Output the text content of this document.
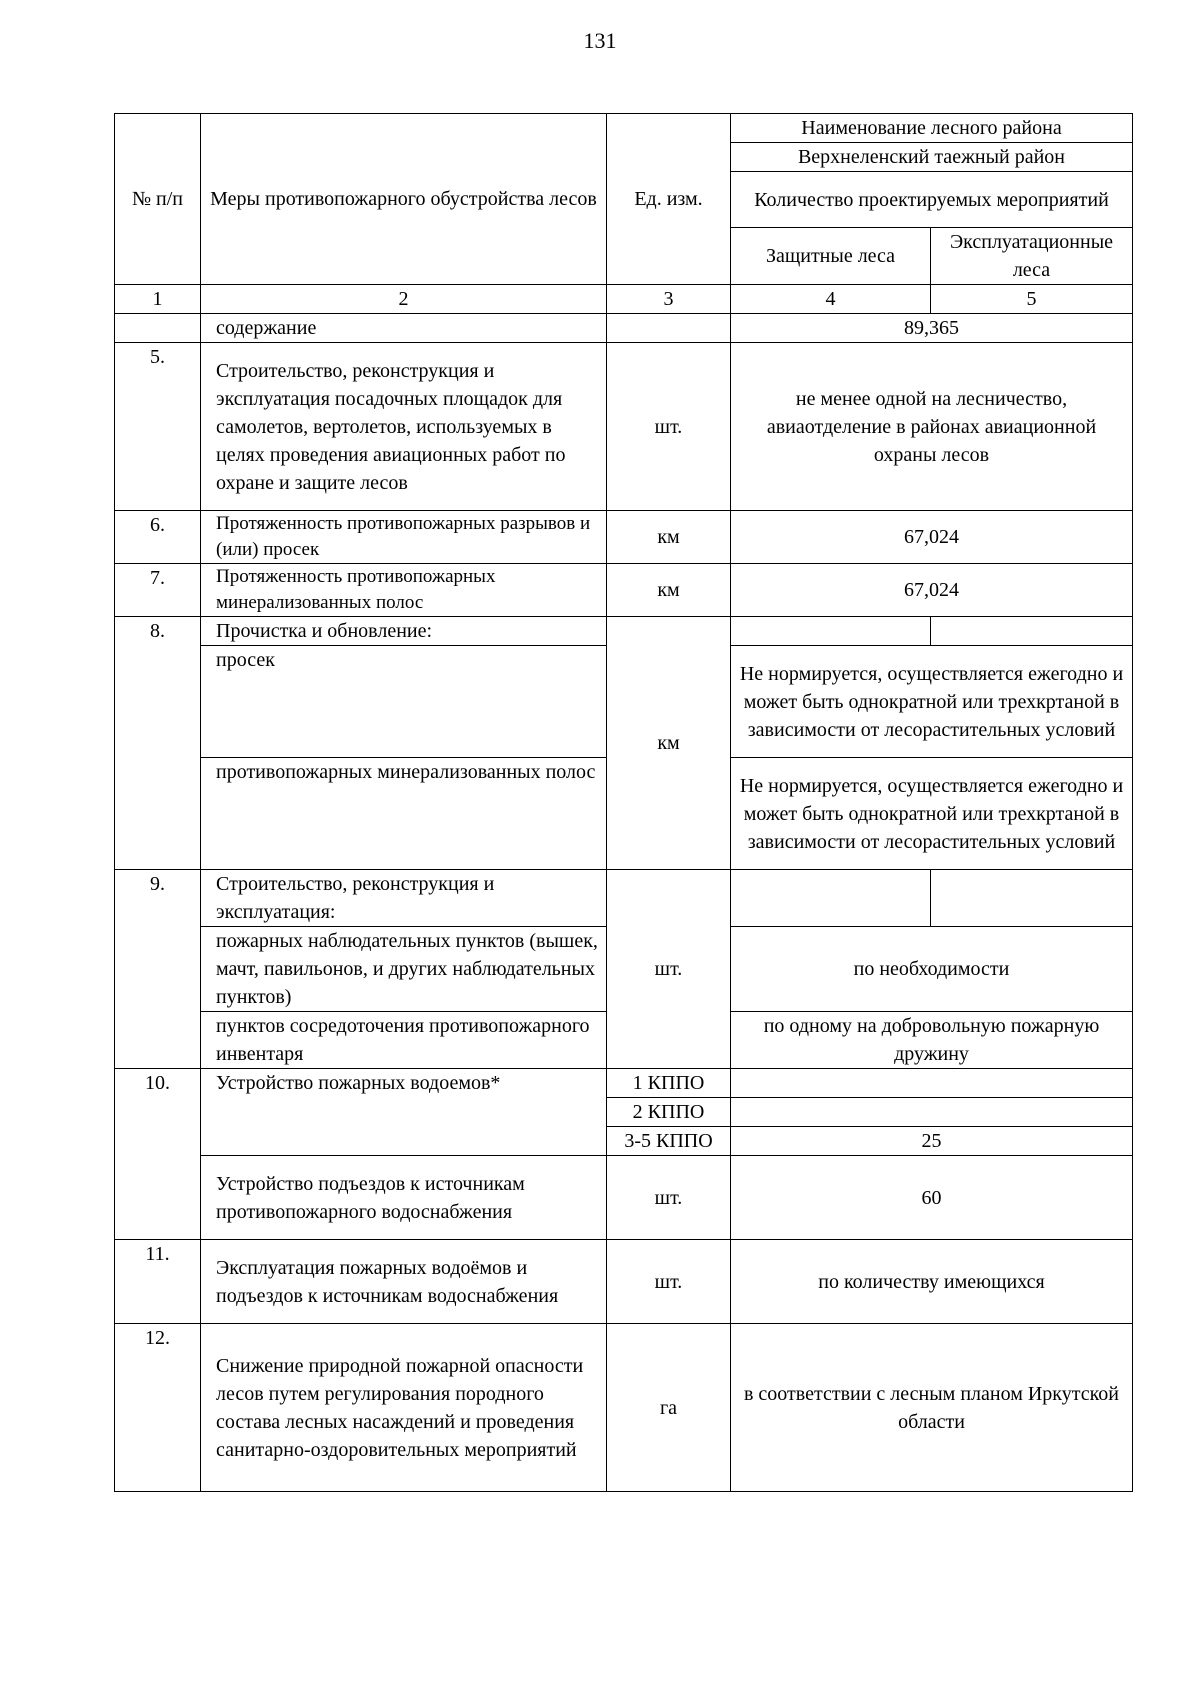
131
№ п/п	Меры противопожарного обустройства лесов	Ед. изм.	Наименование лесного района	
			Верхнеленский таежный район	
			Количество проектируемых мероприятий	

			Защитные леса	Эксплуатационные леса
1	2	3	4	5
	содержание		89,365	
5.	Строительство, реконструкция и эксплуатация посадочных площадок для самолетов, вертолетов, используемых в целях проведения авиационных работ по охране и защите лесов	шт.	не менее одной на лесничество, авиаотделение в районах авиационной охраны лесов	
6.	Протяженность противопожарных разрывов и (или) просек	км	67,024	
7.	Протяженность противопожарных минерализованных полос	км	67,024	
8.	Прочистка и обновление:	км		
	просек		Не нормируется, осуществляется ежегодно и может быть однократной или трехкртаной в зависимости от лесорастительных условий	
	противопожарных минерализованных полос		Не нормируется, осуществляется ежегодно и может быть однократной или трехкртаной в зависимости от лесорастительных условий	
9.	Строительство, реконструкция и эксплуатация:	шт.		
	пожарных наблюдательных пунктов (вышек, мачт, павильонов, и других наблюдательных пунктов)		по необходимости	
	пунктов сосредоточения противопожарного инвентаря		по одному на добровольную пожарную дружину	
10.	Устройство пожарных водоемов*	1 КППО		
		2 КППО		
		3-5 КППО	25	
	Устройство подъездов к источникам противопожарного водоснабжения	шт.	60	
11.	Эксплуатация пожарных водоёмов и подъездов к источникам водоснабжения	шт.	по количеству имеющихся	
12.	Снижение природной пожарной опасности лесов путем регулирования породного состава лесных насаждений и проведения санитарно-оздоровительных мероприятий	га	в соответствии с лесным планом Иркутской области	
